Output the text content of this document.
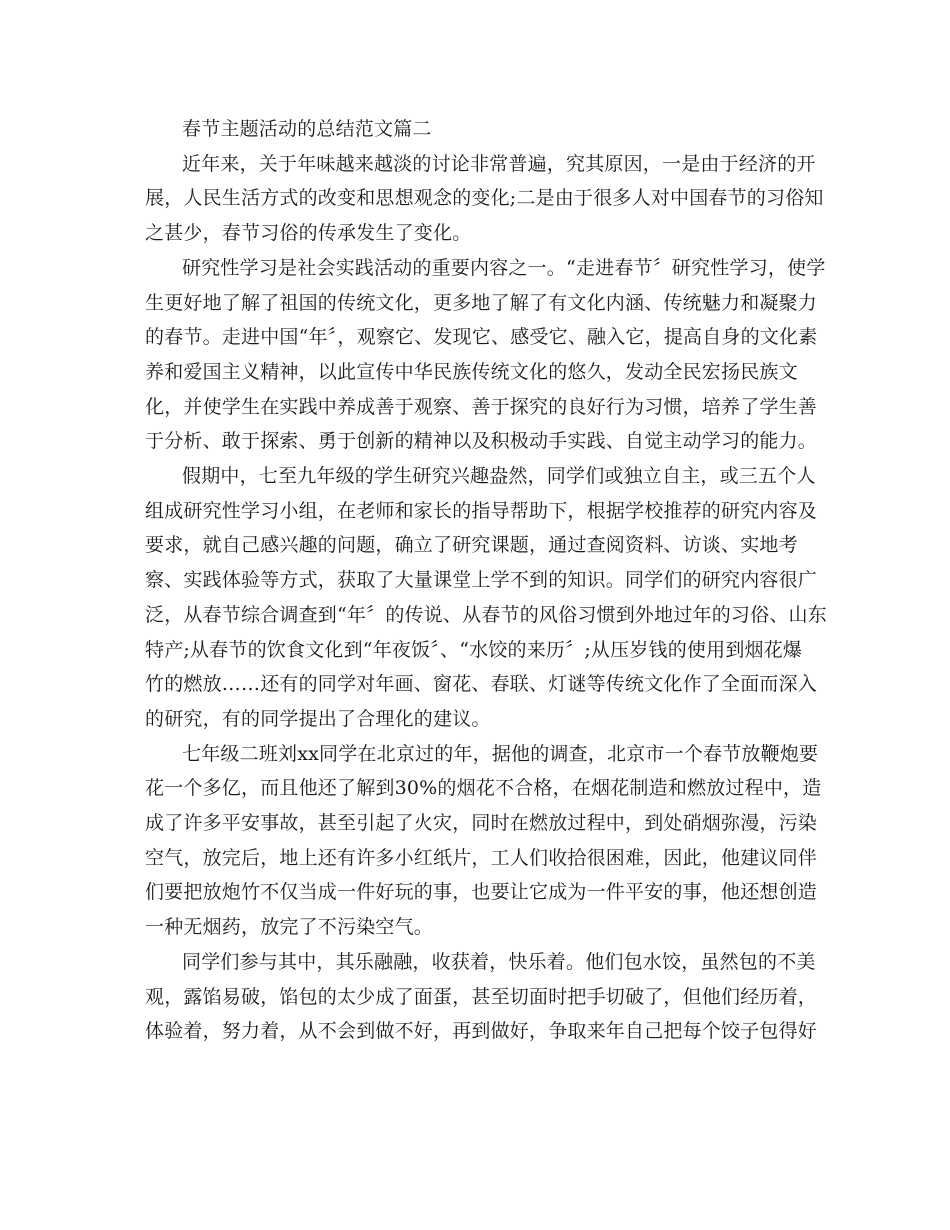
春节主题活动的总结范文篇二
近年来，关于年味越来越淡的讨论非常普遍，究其原因，一是由于经济的开
展，人民生活方式的改变和思想观念的变化;二是由于很多人对中国春节的习俗知
之甚少，春节习俗的传承发生了变化。
研究性学习是社会实践活动的重要内容之一。“走进春节〞研究性学习，使学
生更好地了解了祖国的传统文化，更多地了解了有文化内涵、传统魅力和凝聚力
的春节。走进中国“年〞，观察它、发现它、感受它、融入它，提高自身的文化素
养和爱国主义精神，以此宣传中华民族传统文化的悠久，发动全民宏扬民族文
化，并使学生在实践中养成善于观察、善于探究的良好行为习惯，培养了学生善
于分析、敢于探索、勇于创新的精神以及积极动手实践、自觉主动学习的能力。
假期中，七至九年级的学生研究兴趣盎然，同学们或独立自主，或三五个人
组成研究性学习小组，在老师和家长的指导帮助下，根据学校推荐的研究内容及
要求，就自己感兴趣的问题，确立了研究课题，通过查阅资料、访谈、实地考
察、实践体验等方式，获取了大量课堂上学不到的知识。同学们的研究内容很广
泛，从春节综合调查到“年〞的传说、从春节的风俗习惯到外地过年的习俗、山东
特产;从春节的饮食文化到“年夜饭〞、“水饺的来历〞;从压岁钱的使用到烟花爆
竹的燃放……还有的同学对年画、窗花、春联、灯谜等传统文化作了全面而深入
的研究，有的同学提出了合理化的建议。
七年级二班刘xx同学在北京过的年，据他的调查，北京市一个春节放鞭炮要
花一个多亿，而且他还了解到30%的烟花不合格，在烟花制造和燃放过程中，造
成了许多平安事故，甚至引起了火灾，同时在燃放过程中，到处硝烟弥漫，污染
空气，放完后，地上还有许多小红纸片，工人们收拾很困难，因此，他建议同伴
们要把放炮竹不仅当成一件好玩的事，也要让它成为一件平安的事，他还想创造
一种无烟药，放完了不污染空气。
同学们参与其中，其乐融融，收获着，快乐着。他们包水饺，虽然包的不美
观，露馅易破，馅包的太少成了面蛋，甚至切面时把手切破了，但他们经历着，
体验着，努力着，从不会到做不好，再到做好，争取来年自己把每个饺子包得好
